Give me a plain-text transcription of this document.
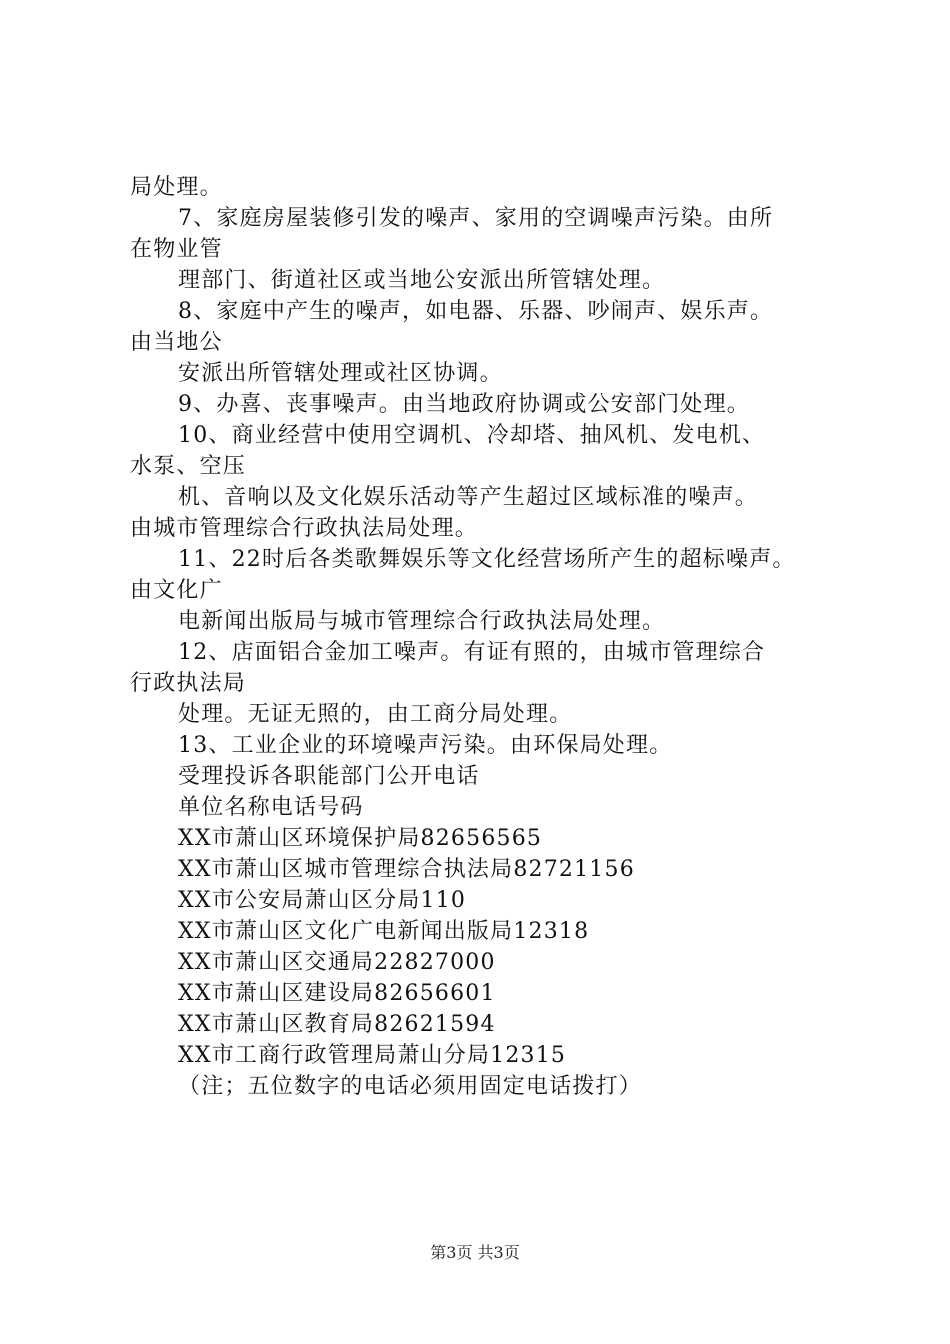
局处理。
7、家庭房屋装修引发的噪声、家用的空调噪声污染。由所
在物业管
理部门、街道社区或当地公安派出所管辖处理。
8、家庭中产生的噪声，如电器、乐器、吵闹声、娱乐声。
由当地公
安派出所管辖处理或社区协调。
9、办喜、丧事噪声。由当地政府协调或公安部门处理。
10、商业经营中使用空调机、冷却塔、抽风机、发电机、
水泵、空压
机、音响以及文化娱乐活动等产生超过区域标准的噪声。
由城市管理综合行政执法局处理。
11、22时后各类歌舞娱乐等文化经营场所产生的超标噪声。
由文化广
电新闻出版局与城市管理综合行政执法局处理。
12、店面铝合金加工噪声。有证有照的，由城市管理综合
行政执法局
处理。无证无照的，由工商分局处理。
13、工业企业的环境噪声污染。由环保局处理。
受理投诉各职能部门公开电话
单位名称电话号码
XX市萧山区环境保护局82656565
XX市萧山区城市管理综合执法局82721156
XX市公安局萧山区分局110
XX市萧山区文化广电新闻出版局12318
XX市萧山区交通局22827000
XX市萧山区建设局82656601
XX市萧山区教育局82621594
XX市工商行政管理局萧山分局12315
（注；五位数字的电话必须用固定电话拨打）
第3页 共3页
